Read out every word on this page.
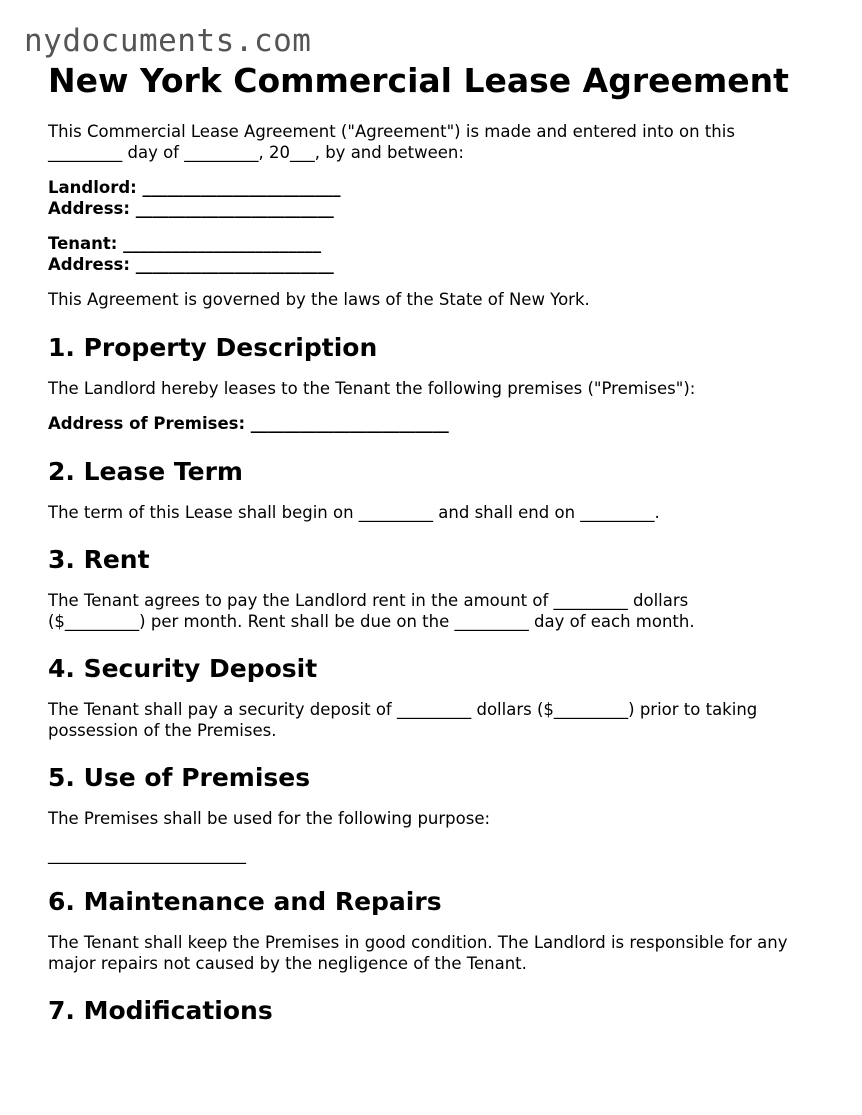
nydocuments.com
New York Commercial Lease Agreement

This Commercial Lease Agreement ("Agreement") is made and entered into on this

_________ day of _________, 20___, by and between:

Landlord: ________________________
Address: ________________________
Tenant: ________________________
Address: ________________________

This Agreement is governed by the laws of the State of New York.

1. Property Description

The Landlord hereby leases to the Tenant the following premises ("Premises"):

Address of Premises: ________________________
2. Lease Term

The term of this Lease shall begin on _________ and shall end on _________.

3. Rent

The Tenant agrees to pay the Landlord rent in the amount of _________ dollars
($_________) per month. Rent shall be due on the _________ day of each month.

4. Security Deposit

The Tenant shall pay a security deposit of _________ dollars ($_________) prior to taking
possession of the Premises.

5. Use of Premises

The Premises shall be used for the following purpose:

________________________

6. Maintenance and Repairs

The Tenant shall keep the Premises in good condition. The Landlord is responsible for any
major repairs not caused by the negligence of the Tenant.

7. Modifications
